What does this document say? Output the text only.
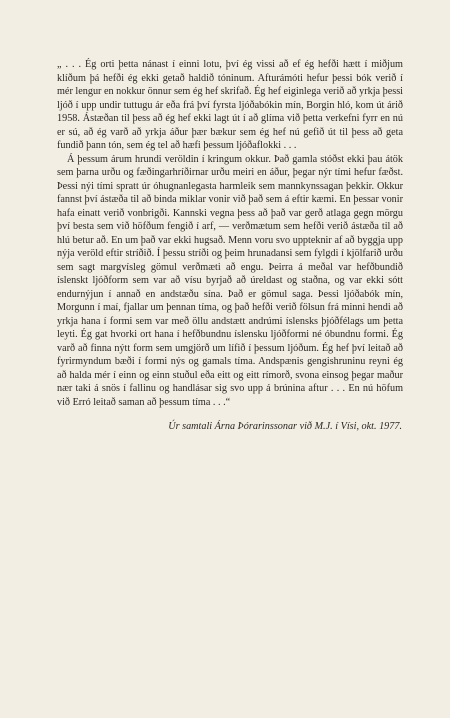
„ . . . Ég orti þetta nánast í einni lotu, því ég vissi að ef ég hefði hætt í miðjum klíðum þá hefði ég ekki getað haldið tóninum. Afturámóti hefur þessi bók verið í mér lengur en nokkur önnur sem ég hef skrifað. Ég hef eiginlega verið að yrkja þessi ljóð í upp undir tuttugu ár eða frá því fyrsta ljóðabókin mín, Borgin hló, kom út árið 1958. Ástæðan til þess að ég hef ekki lagt út í að glíma við þetta verkefni fyrr en nú er sú, að ég varð að yrkja áður þær bækur sem ég hef nú gefið út til þess að geta fundið þann tón, sem ég tel að hæfi þessum ljóðaflokki . . .

Á þessum árum hrundi veröldin í kringum okkur. Það gamla stóðst ekki þau átök sem þarna urðu og fæðingarhríðirnar urðu meiri en áður, þegar nýr tími hefur fæðst. Þessi nýi tími spratt úr óhugnanlegasta harmleik sem mannkynssagan þekkir. Okkur fannst því ástæða til að binda miklar vonir við það sem á eftir kæmi. En þessar vonir hafa einatt verið vonbrigði. Kannski vegna þess að það var gerð atlaga gegn mörgu því besta sem við höfðum fengið í arf, — verðmætum sem hefði verið ástæða til að hlú betur að. En um það var ekki hugsað. Menn voru svo uppteknir af að byggja upp nýja veröld eftir stríðið. Í þessu stríði og þeim hrunadansi sem fylgdi í kjölfarið urðu sem sagt margvísleg gömul verðmæti að engu. Þeirra á meðal var hefðbundið íslenskt ljóðform sem var að vísu byrjað að úreldast og staðna, og var ekki sótt endurnýjun í annað en andstæðu sína. Það er gömul saga. Þessi ljóðabók mín, Morgunn í maí, fjallar um þennan tíma, og það hefði verið fölsun frá minni hendi að yrkja hana í formi sem var með öllu andstætt andrúmi íslensks þjóðfélags um þetta leyti. Ég gat hvorki ort hana í hefðbundnu íslensku ljóðformi né óbundnu formi. Ég varð að finna nýtt form sem umgjörð um lífið í þessum ljóðum. Ég hef því leitað að fyrirmyndum bæði í formi nýs og gamals tíma. Andspænis gengishruninu reyni ég að halda mér í einn og einn stuðul eða eitt og eitt rímorð, svona einsog þegar maður nær taki á snös í fallinu og handlásar sig svo upp á brúnina aftur . . . En nú höfum við Erró leitað saman að þessum tíma . . .“

Úr samtali Árna Þórarinssonar við M.J. í Vísi, okt. 1977.
